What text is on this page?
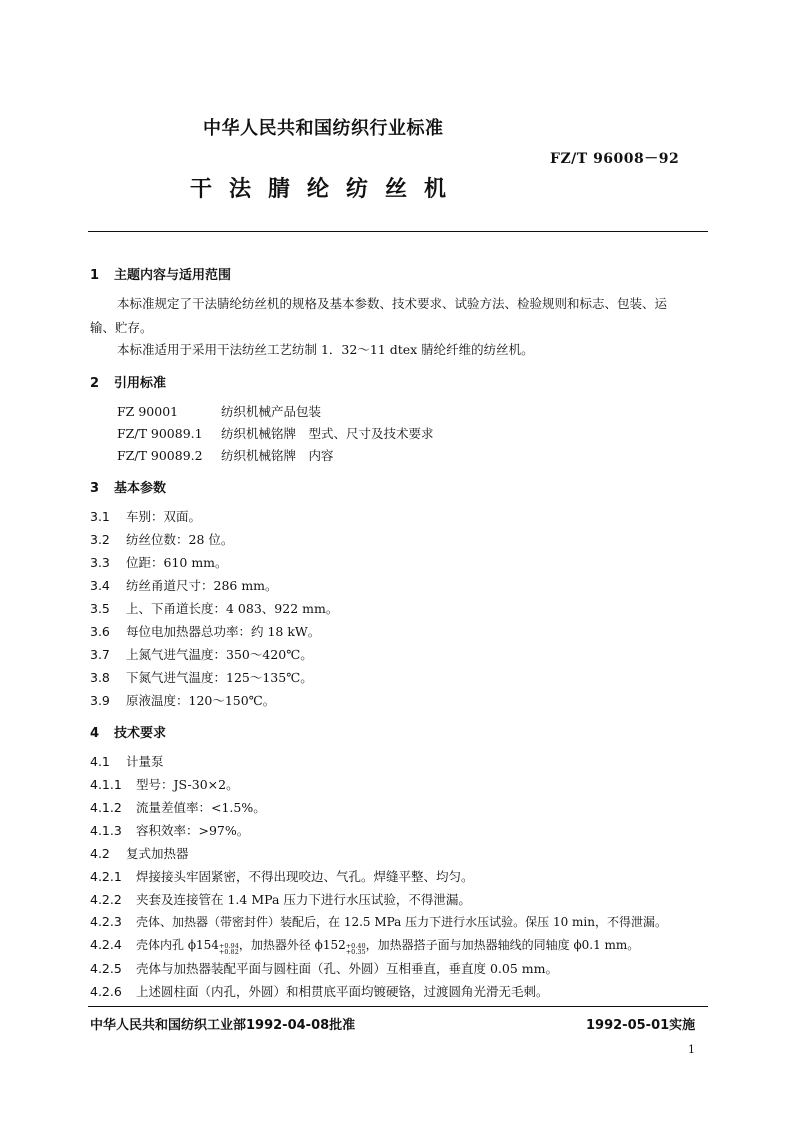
中华人民共和国纺织行业标准
FZ/T 96008－92
干法腈纶纺丝机
1 主题内容与适用范围
本标准规定了干法腈纶纺丝机的规格及基本参数、技术要求、试验方法、检验规则和标志、包装、运
输、贮存。
本标准适用于采用干法纺丝工艺纺制 1．32～11 dtex 腈纶纤维的纺丝机。
2 引用标准
FZ 90001	纺织机械产品包装
FZ/T 90089.1 纺织机械铭牌　型式、尺寸及技术要求
FZ/T 90089.2 纺织机械铭牌　内容
3 基本参数
3.1 车别：双面。
3.2 纺丝位数：28 位。
3.3 位距：610 mm。
3.4 纺丝甬道尺寸：286 mm。
3.5 上、下甬道长度：4 083、922 mm。
3.6 每位电加热器总功率：约 18 kW。
3.7 上氮气进气温度：350～420℃。
3.8 下氮气进气温度：125～135℃。
3.9 原液温度：120～150℃。
4 技术要求
4.1 计量泵
4.1.1 型号：JS-30×2。
4.1.2 流量差值率：<1.5%。
4.1.3 容积效率：>97%。
4.2 复式加热器
4.2.1 焊接接头牢固紧密，不得出现咬边、气孔。焊缝平整、均匀。
4.2.2 夹套及连接管在 1.4 MPa 压力下进行水压试验，不得泄漏。
4.2.3 壳体、加热器（带密封件）装配后，在 12.5 MPa 压力下进行水压试验。保压 10 min，不得泄漏。
4.2.4 壳体内孔 ϕ154 +0.94
+0.82 ，加热器外径 ϕ152 +0.40
+0.35 ，加热器搭子面与加热器轴线的同轴度 ϕ0.1 mm。
4.2.5 壳体与加热器装配平面与圆柱面（孔、外圆）互相垂直，垂直度 0.05 mm。
4.2.6 上述圆柱面（内孔，外圆）和相贯底平面均镀硬铬，过渡圆角光滑无毛刺。
中华人民共和国纺织工业部1992-04-08批准	1992-05-01实施
1
